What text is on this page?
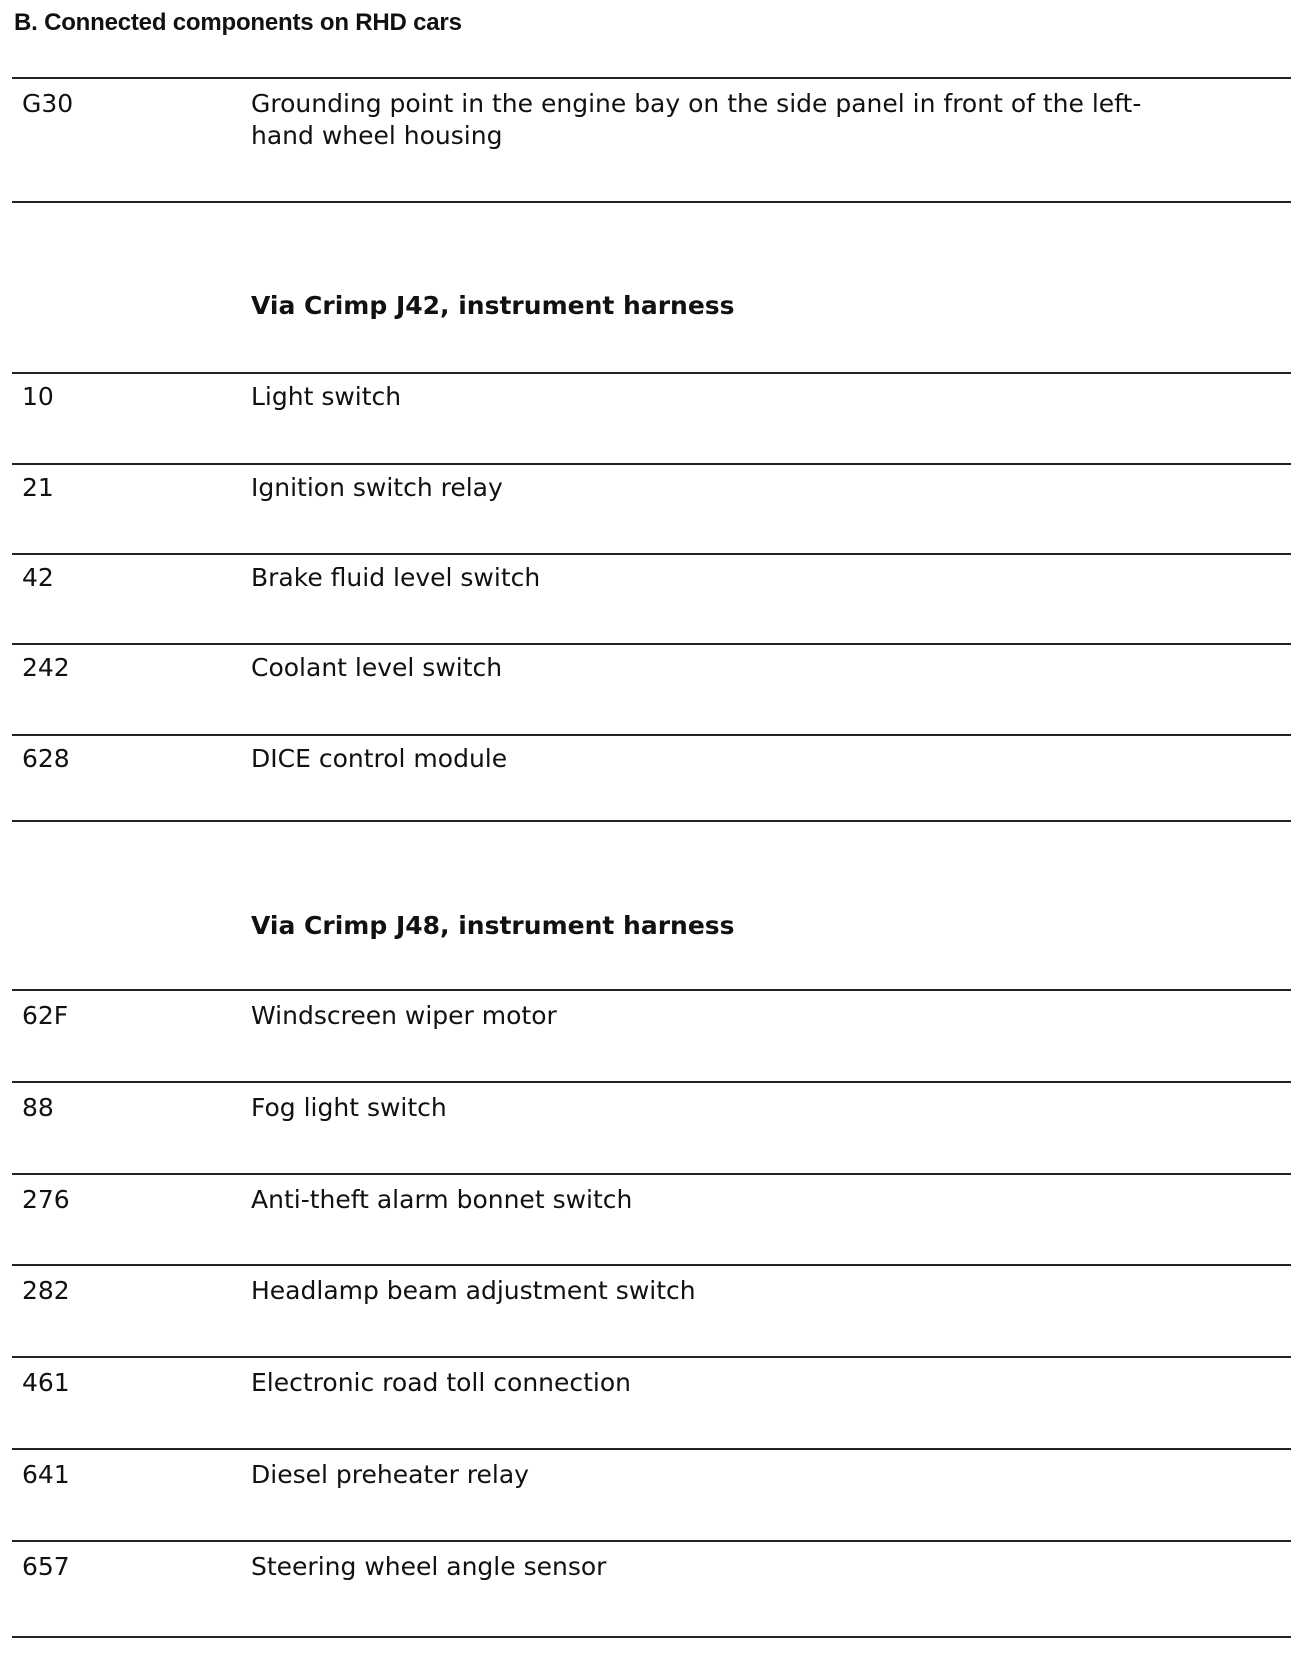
B. Connected components on RHD cars
G30	Grounding point in the engine bay on the side panel in front of the left-
hand wheel housing
Via Crimp J42, instrument harness
10	Light switch
21	Ignition switch relay
42	Brake fluid level switch
242	Coolant level switch
628	DICE control module
Via Crimp J48, instrument harness
62F	Windscreen wiper motor
88	Fog light switch
276	Anti-theft alarm bonnet switch
282	Headlamp beam adjustment switch
461	Electronic road toll connection
641	Diesel preheater relay
657	Steering wheel angle sensor
